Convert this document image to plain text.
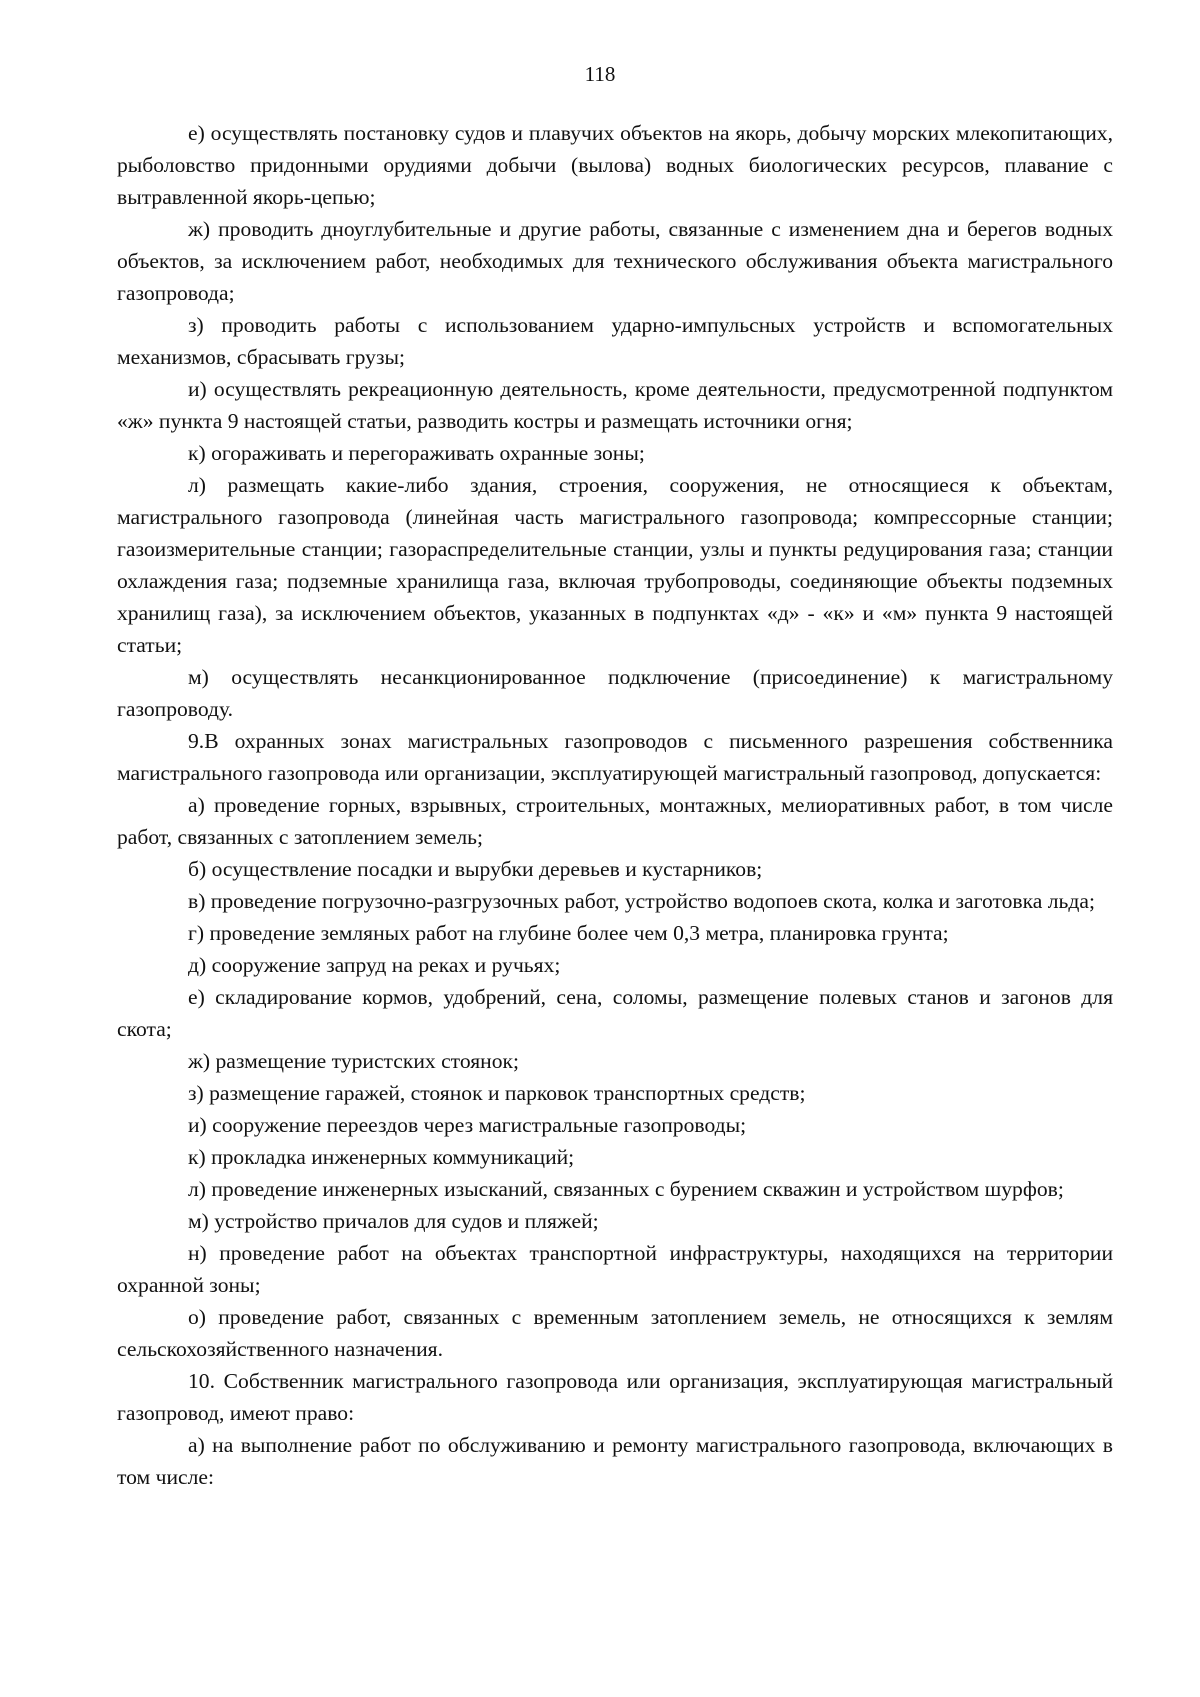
118

е) осуществлять постановку судов и плавучих объектов на якорь, добычу морских млекопитающих, рыболовство придонными орудиями добычи (вылова) водных биологических ресурсов, плавание с вытравленной якорь-цепью;

ж) проводить дноуглубительные и другие работы, связанные с изменением дна и берегов водных объектов, за исключением работ, необходимых для технического обслуживания объекта магистрального газопровода;

з) проводить работы с использованием ударно-импульсных устройств и вспомогательных механизмов, сбрасывать грузы;

и) осуществлять рекреационную деятельность, кроме деятельности, предусмотренной подпунктом «ж» пункта 9 настоящей статьи, разводить костры и размещать источники огня;

к) огораживать и перегораживать охранные зоны;

л) размещать какие-либо здания, строения, сооружения, не относящиеся к объектам, магистрального газопровода (линейная часть магистрального газопровода; компрессорные станции; газоизмерительные станции; газораспределительные станции, узлы и пункты редуцирования газа; станции охлаждения газа; подземные хранилища газа, включая трубопроводы, соединяющие объекты подземных хранилищ газа), за исключением объектов, указанных в подпунктах «д» - «к» и «м» пункта 9 настоящей статьи;

м) осуществлять несанкционированное подключение (присоединение) к магистральному газопроводу.

9.В охранных зонах магистральных газопроводов с письменного разрешения собственника магистрального газопровода или организации, эксплуатирующей магистральный газопровод, допускается:

а) проведение горных, взрывных, строительных, монтажных, мелиоративных работ, в том числе работ, связанных с затоплением земель;

б) осуществление посадки и вырубки деревьев и кустарников;

в) проведение погрузочно-разгрузочных работ, устройство водопоев скота, колка и заготовка льда;

г) проведение земляных работ на глубине более чем 0,3 метра, планировка грунта;

д) сооружение запруд на реках и ручьях;

е) складирование кормов, удобрений, сена, соломы, размещение полевых станов и загонов для скота;

ж) размещение туристских стоянок;

з) размещение гаражей, стоянок и парковок транспортных средств;

и) сооружение переездов через магистральные газопроводы;

к) прокладка инженерных коммуникаций;

л) проведение инженерных изысканий, связанных с бурением скважин и устройством шурфов;

м) устройство причалов для судов и пляжей;

н) проведение работ на объектах транспортной инфраструктуры, находящихся на территории охранной зоны;

о) проведение работ, связанных с временным затоплением земель, не относящихся к землям сельскохозяйственного назначения.

10. Собственник магистрального газопровода или организация, эксплуатирующая магистральный газопровод, имеют право:

а) на выполнение работ по обслуживанию и ремонту магистрального газопровода, включающих в том числе:
